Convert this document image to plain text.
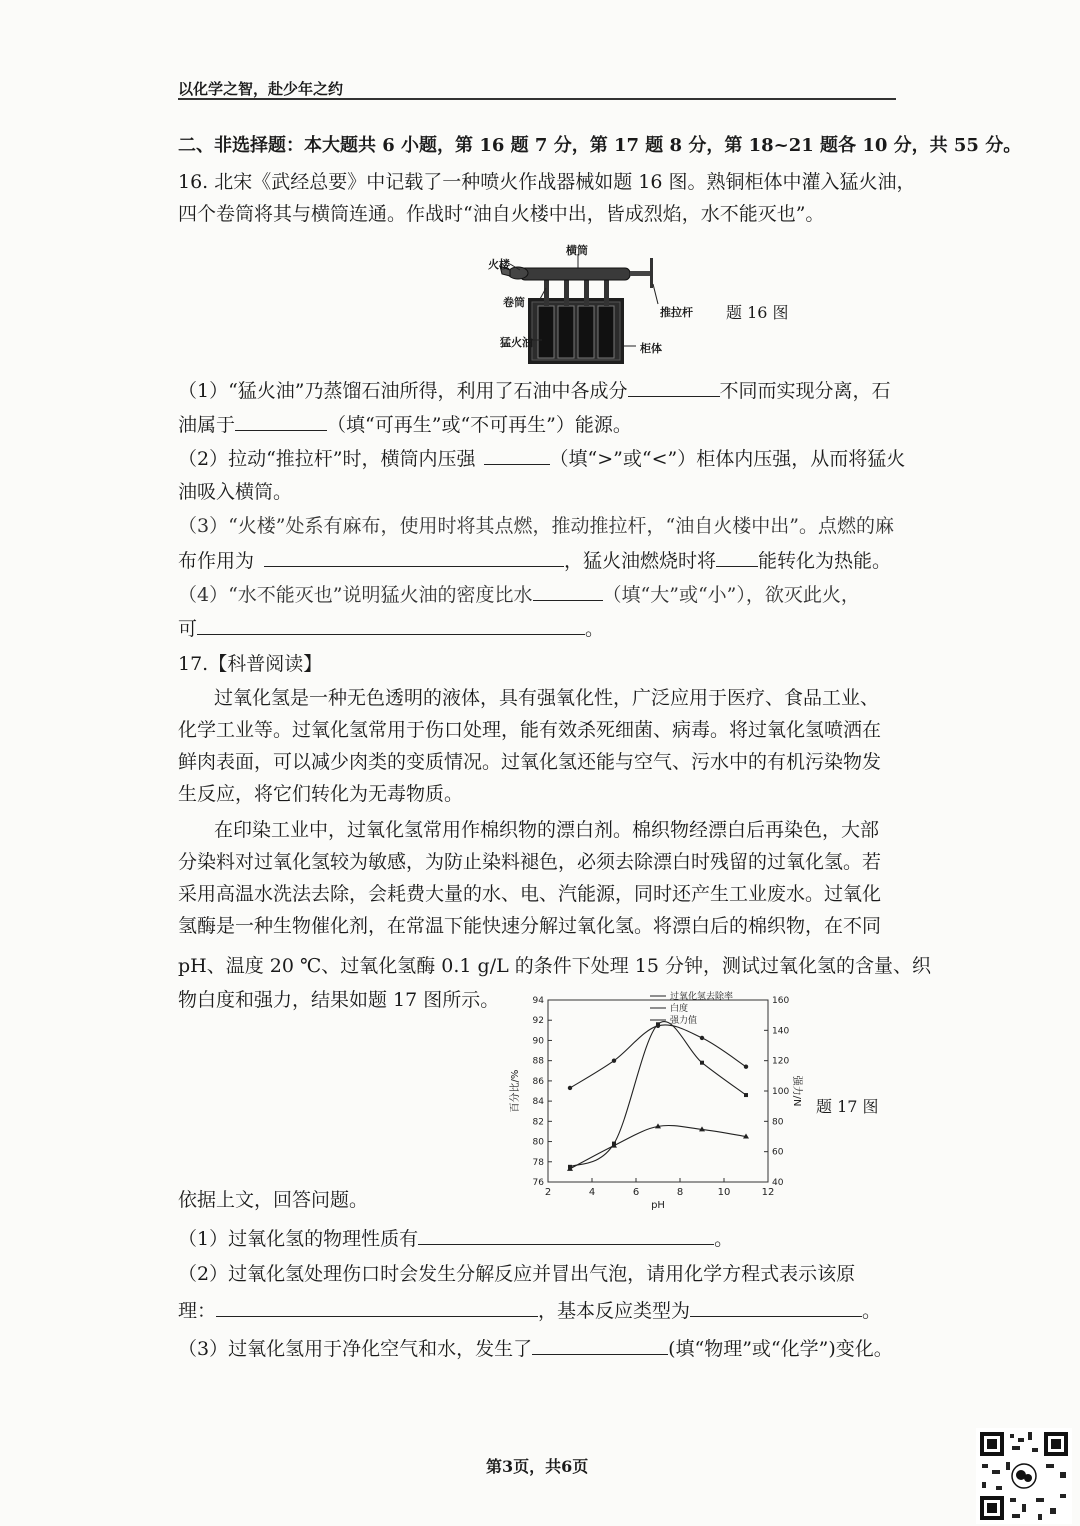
以化学之智，赴少年之约
二、非选择题：本大题共 6 小题，第 16 题 7 分，第 17 题 8 分，第 18~21 题各 10 分，共 55 分。
16. 北宋《武经总要》中记载了一种喷火作战器械如题 16 图。熟铜柜体中灌入猛火油，
四个卷筒将其与横筒连通。作战时“油自火楼中出，皆成烈焰，水不能灭也”。
火楼
横筒
卷筒
推拉杆
猛火油	柜体
题 16 图
（1）“猛火油”乃蒸馏石油所得，利用了石油中各成分	不同而实现分离，石
油属于	（填“可再生”或“不可再生”）能源。
（2）拉动“推拉杆”时，横筒内压强	（填“>”或“<”）柜体内压强，从而将猛火
油吸入横筒。
（3）“火楼”处系有麻布，使用时将其点燃，推动推拉杆，“油自火楼中出”。点燃的麻
布作用为	，猛火油燃烧时将 能转化为热能。
（4）“水不能灭也”说明猛火油的密度比水	（填“大”或“小”），欲灭此火，
可	。
17.【科普阅读】
过氧化氢是一种无色透明的液体，具有强氧化性，广泛应用于医疗、食品工业、
化学工业等。过氧化氢常用于伤口处理，能有效杀死细菌、病毒。将过氧化氢喷洒在
鲜肉表面，可以减少肉类的变质情况。过氧化氢还能与空气、污水中的有机污染物发
生反应，将它们转化为无毒物质。
在印染工业中，过氧化氢常用作棉织物的漂白剂。棉织物经漂白后再染色，大部
分染料对过氧化氢较为敏感，为防止染料褪色，必须去除漂白时残留的过氧化氢。若
采用高温水洗法去除，会耗费大量的水、电、汽能源，同时还产生工业废水。过氧化
氢酶是一种生物催化剂，在常温下能快速分解过氧化氢。将漂白后的棉织物，在不同
pH、温度 20 ℃、过氧化氢酶 0.1 g/L 的条件下处理 15 分钟，测试过氧化氢的含量、织
物白度和强力，结果如题 17 图所示。
2	4	6	8	10	12
76
78
80
82
84
86
88
90
92
94
40
60
80
100
120
140
160
pH
百分比/%	强力/N
过氧化氢去除率
白度
强力值
题 17 图
依据上文，回答问题。
（1）过氧化氢的物理性质有	。
（2）过氧化氢处理伤口时会发生分解反应并冒出气泡，请用化学方程式表示该原
理：	，基本反应类型为	。
（3）过氧化氢用于净化空气和水，发生了	(填“物理”或“化学”)变化。
第3页，共6页
